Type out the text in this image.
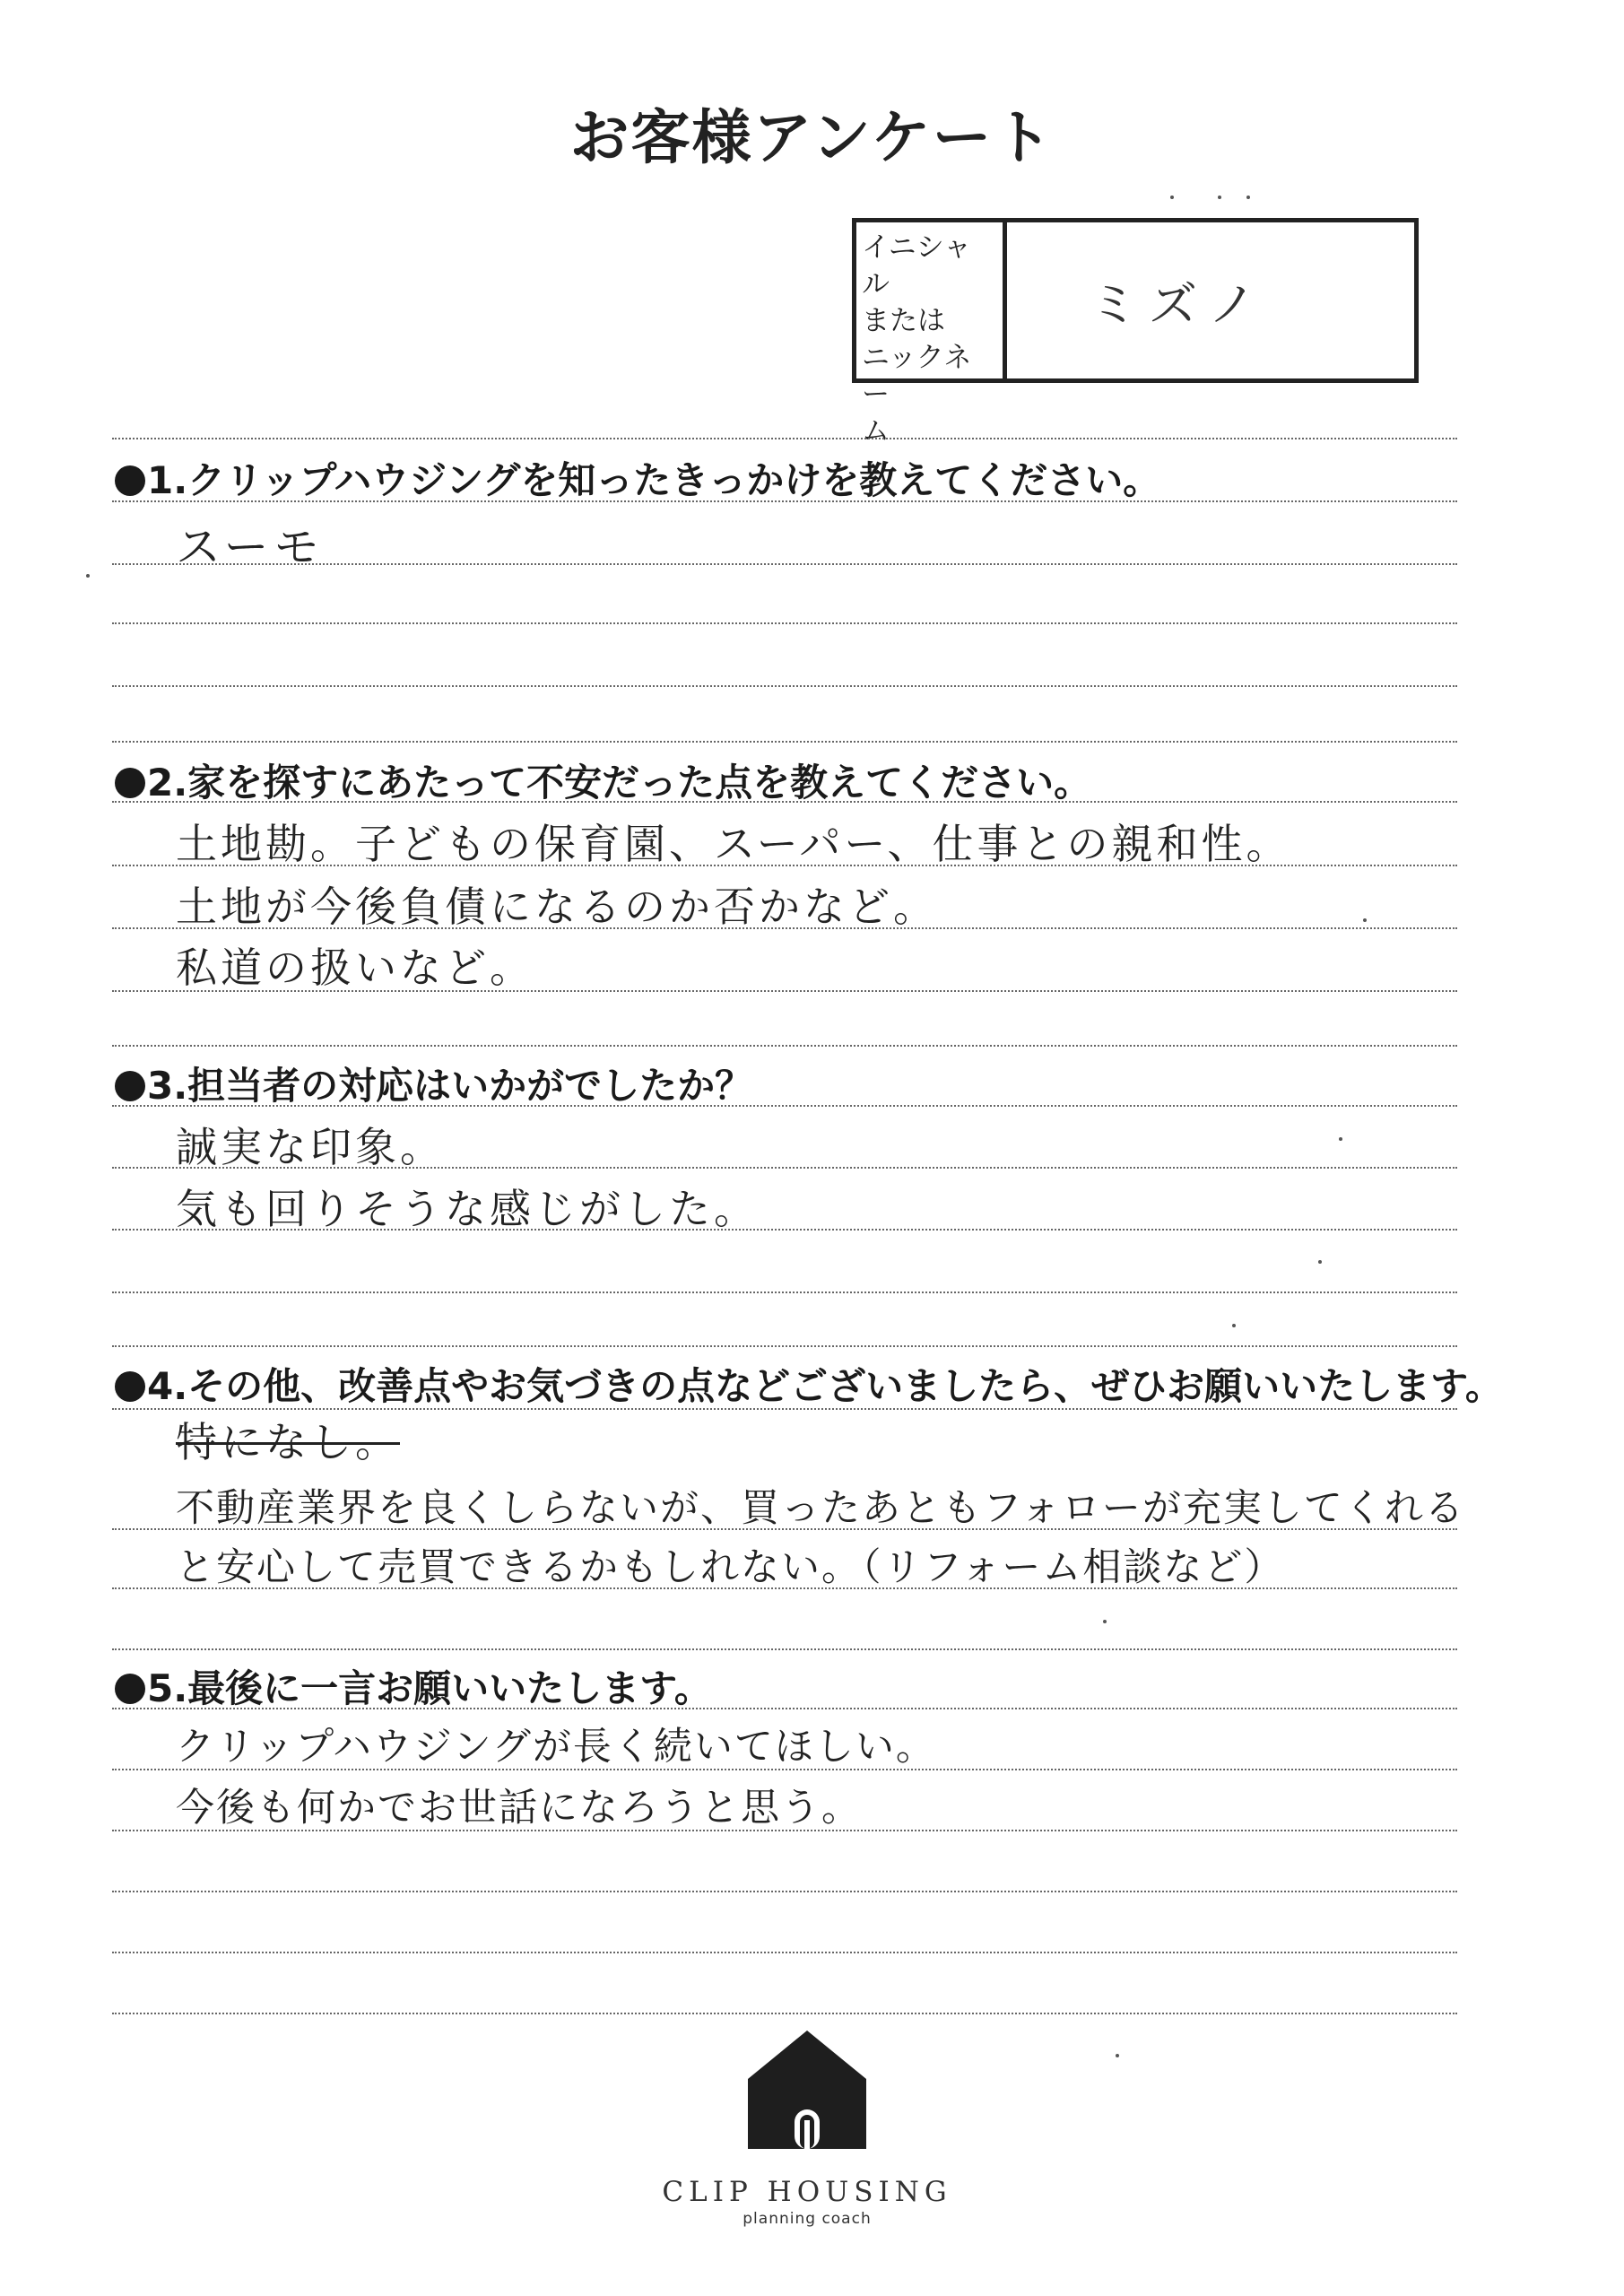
お客様アンケート
イニシャル
または
ニックネー
ム
ミズノ
1.クリップハウジングを知ったきっかけを教えてください。
スーモ
2.家を探すにあたって不安だった点を教えてください。
土地勘。子どもの保育園、スーパー、仕事との親和性。
土地が今後負債になるのか否かなど。
私道の扱いなど。
3.担当者の対応はいかがでしたか？
誠実な印象。
気も回りそうな感じがした。
4.その他、改善点やお気づきの点などございましたら、ぜひお願いいたします。
特になし。
不動産業界を良くしらないが、買ったあともフォローが充実してくれる
と安心して売買できるかもしれない。（リフォーム相談など）
5.最後に一言お願いいたします。
クリップハウジングが長く続いてほしい。
今後も何かでお世話になろうと思う。
CLIP HOUSING
planning coach
